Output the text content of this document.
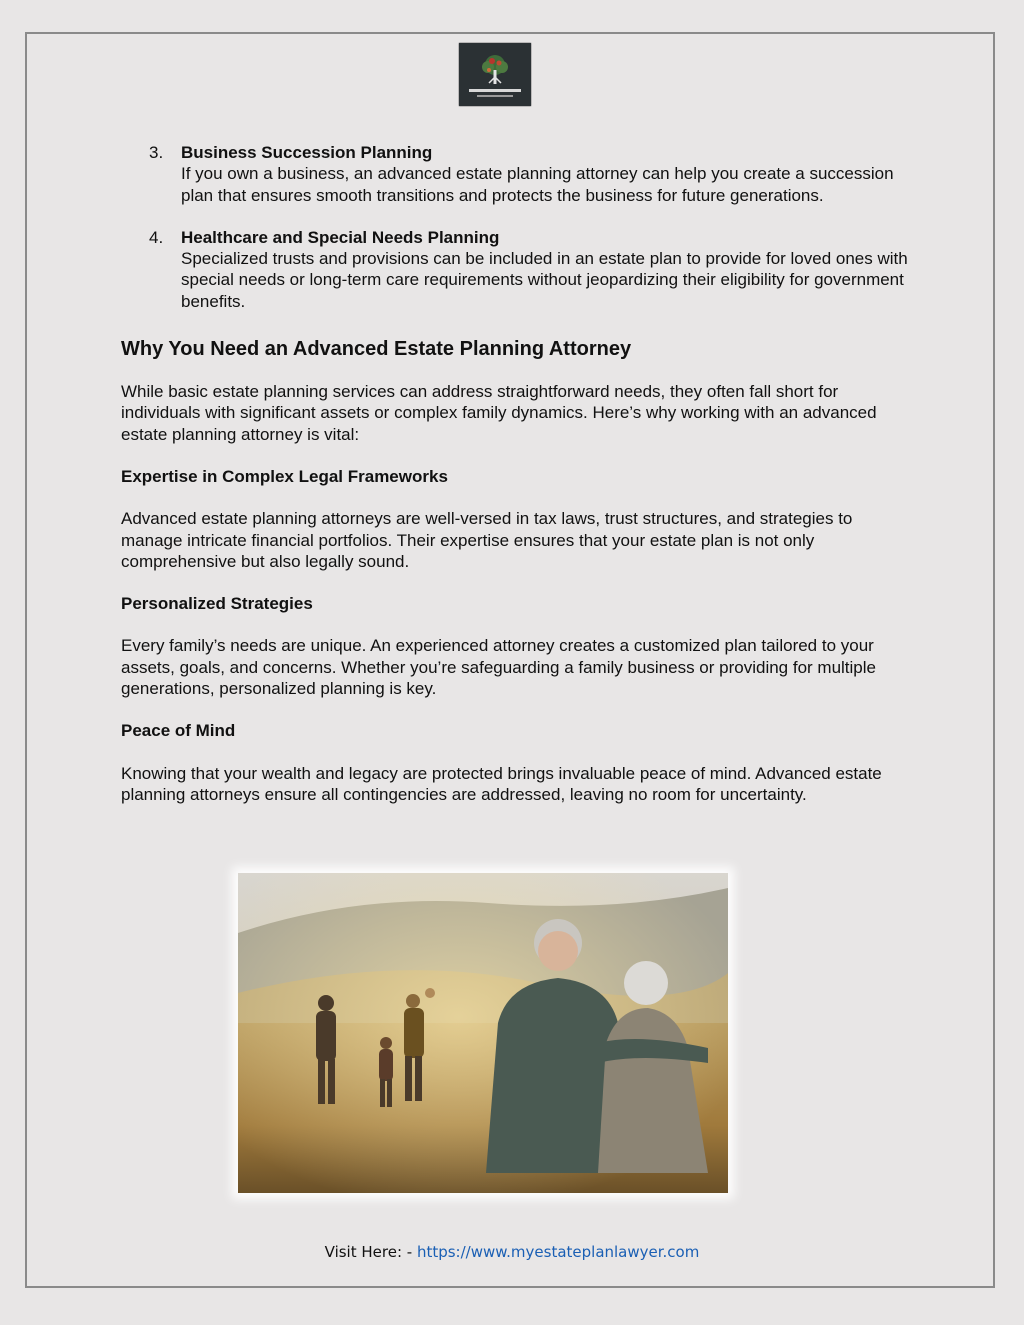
3. Business Succession Planning
If you own a business, an advanced estate planning attorney can help you create a succession plan that ensures smooth transitions and protects the business for future generations.
4. Healthcare and Special Needs Planning
Specialized trusts and provisions can be included in an estate plan to provide for loved ones with special needs or long-term care requirements without jeopardizing their eligibility for government benefits.
Why You Need an Advanced Estate Planning Attorney

While basic estate planning services can address straightforward needs, they often fall short for individuals with significant assets or complex family dynamics. Here’s why working with an advanced estate planning attorney is vital:

Expertise in Complex Legal Frameworks

Advanced estate planning attorneys are well-versed in tax laws, trust structures, and strategies to manage intricate financial portfolios. Their expertise ensures that your estate plan is not only comprehensive but also legally sound.

Personalized Strategies

Every family’s needs are unique. An experienced attorney creates a customized plan tailored to your assets, goals, and concerns. Whether you’re safeguarding a family business or providing for multiple generations, personalized planning is key.

Peace of Mind

Knowing that your wealth and legacy are protected brings invaluable peace of mind. Advanced estate planning attorneys ensure all contingencies are addressed, leaving no room for uncertainty.

Visit Here: - https://www.myestateplanlawyer.com
